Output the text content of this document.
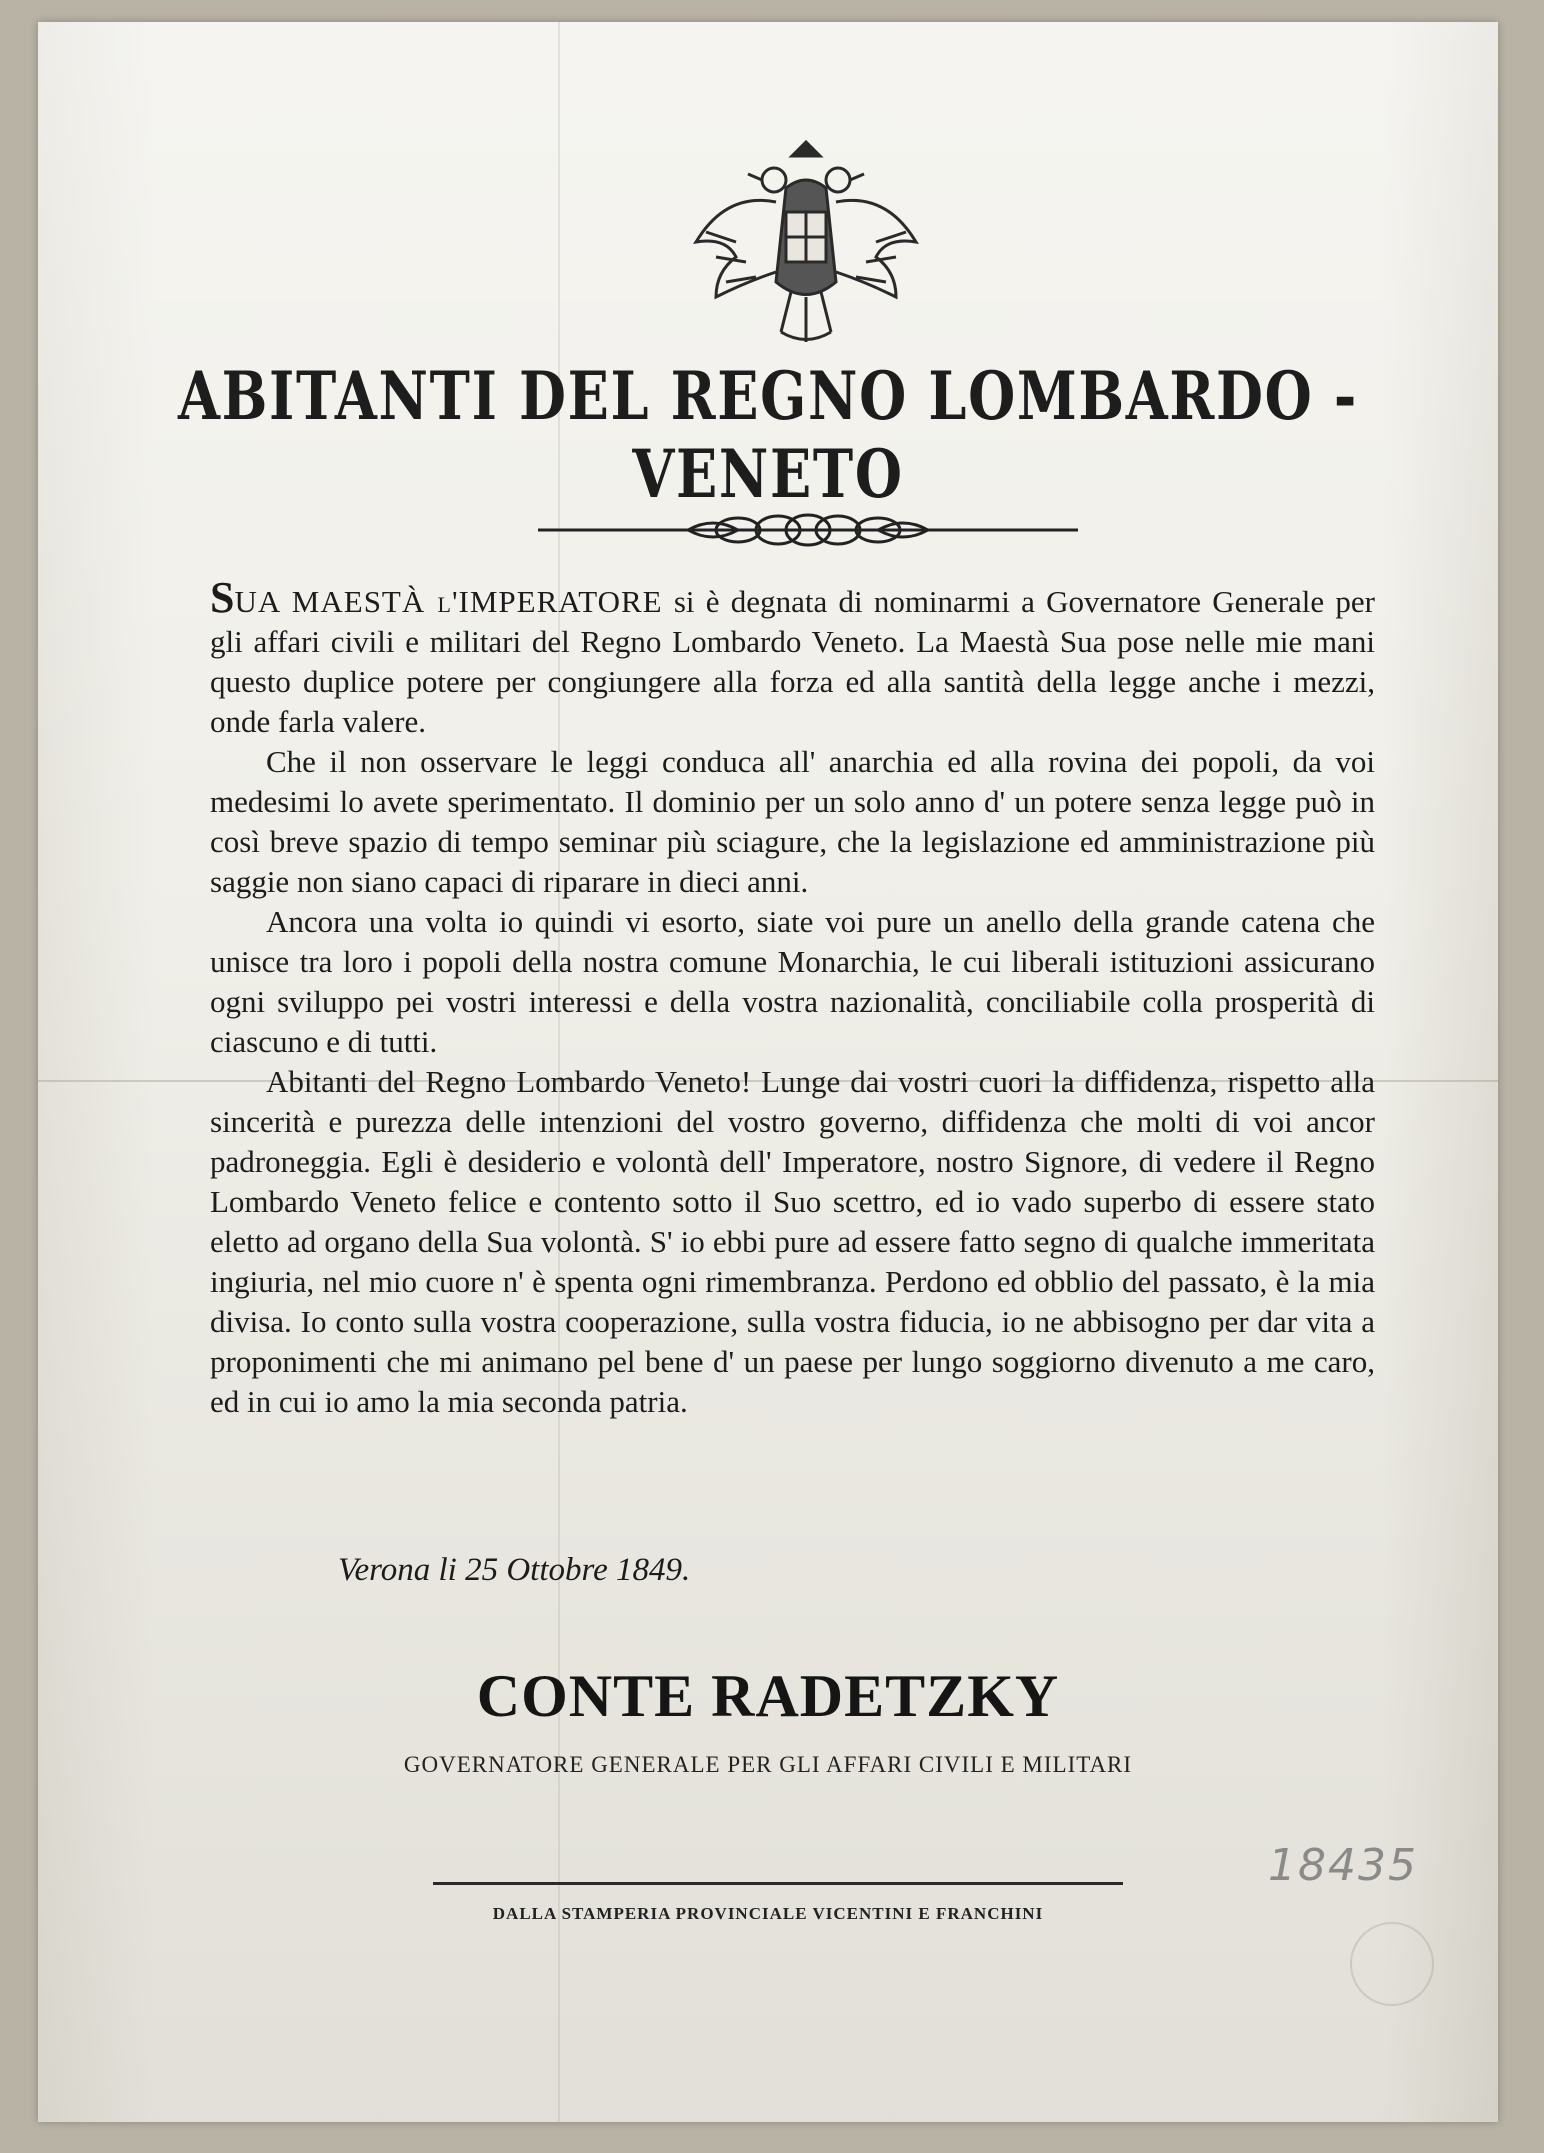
ABITANTI DEL REGNO LOMBARDO - VENETO

SUA MAESTÀ l'IMPERATORE si è degnata di nominarmi a Governatore Generale per gli affari civili e militari del Regno Lombardo Veneto. La Maestà Sua pose nelle mie mani questo duplice potere per congiungere alla forza ed alla santità della legge anche i mezzi, onde farla valere.

Che il non osservare le leggi conduca all' anarchia ed alla rovina dei popoli, da voi medesimi lo avete sperimentato. Il dominio per un solo anno d' un potere senza legge può in così breve spazio di tempo seminar più sciagure, che la legislazione ed amministrazione più saggie non siano capaci di riparare in dieci anni.

Ancora una volta io quindi vi esorto, siate voi pure un anello della grande catena che unisce tra loro i popoli della nostra comune Monarchia, le cui liberali istituzioni assicurano ogni sviluppo pei vostri interessi e della vostra nazionalità, conciliabile colla prosperità di ciascuno e di tutti.

Abitanti del Regno Lombardo Veneto! Lunge dai vostri cuori la diffidenza, rispetto alla sincerità e purezza delle intenzioni del vostro governo, diffidenza che molti di voi ancor padroneggia. Egli è desiderio e volontà dell' Imperatore, nostro Signore, di vedere il Regno Lombardo Veneto felice e contento sotto il Suo scettro, ed io vado superbo di essere stato eletto ad organo della Sua volontà. S' io ebbi pure ad essere fatto segno di qualche immeritata ingiuria, nel mio cuore n' è spenta ogni rimembranza. Perdono ed obblio del passato, è la mia divisa. Io conto sulla vostra cooperazione, sulla vostra fiducia, io ne abbisogno per dar vita a proponimenti che mi animano pel bene d' un paese per lungo soggiorno divenuto a me caro, ed in cui io amo la mia seconda patria.

Verona li 25 Ottobre 1849.
CONTE RADETZKY
GOVERNATORE GENERALE PER GLI AFFARI CIVILI E MILITARI
18435
DALLA STAMPERIA PROVINCIALE VICENTINI E FRANCHINI
